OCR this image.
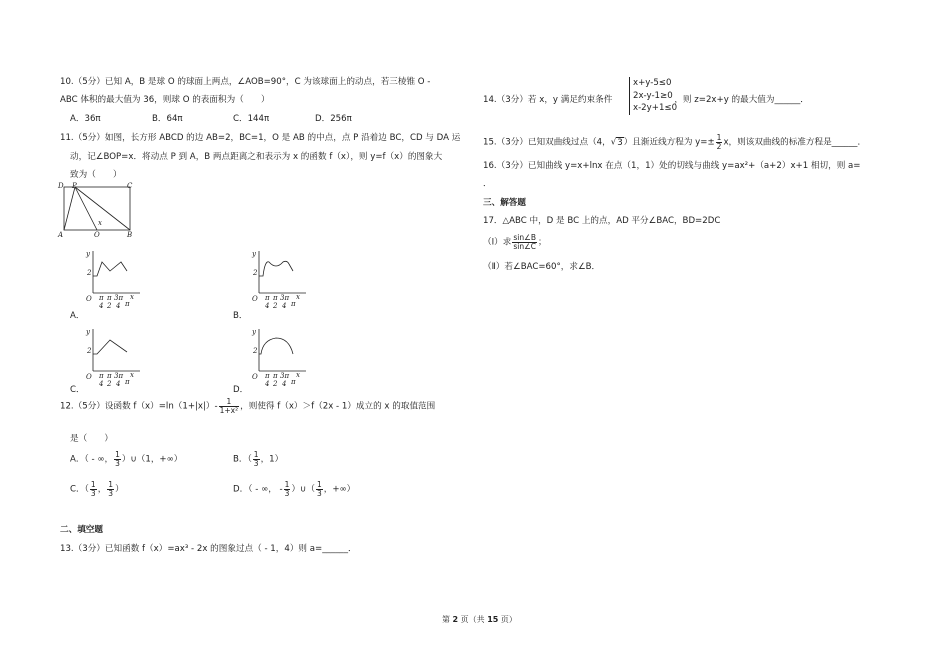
10.（5分）已知 A，B 是球 O 的球面上两点，∠AOB=90°，C 为该球面上的动点，若三棱锥 O -
ABC 体积的最大值为 36，则球 O 的表面积为（　　）
A．36π	B．64π	C．144π	D．256π
11.（5分）如图，长方形 ABCD 的边 AB=2，BC=1，O 是 AB 的中点，点 P 沿着边 BC，CD 与 DA 运
动，记∠BOP=x．将动点 P 到 A，B 两点距离之和表示为 x 的函数 f（x），则 y=f（x）的图象大
致为（　　）
D P	C
A	O	B
x
y
2
O π
4
π
2
3π
4 π
x
A．
y
2
O π
4
π
2
3π
4 π
x
B．
y
2
O π
4
π
2
3π
4 π
x
C．
y
2
O π
4
π
2
3π
4 π
x
D．
12.（5分）设函数 $f(x)=\ln(1+|x|)- \frac{1}{\text{1+x²}}$ ，则使得 f（x）＞f（2x - 1）成立的 x 的取值范围
是（　　）
A．（ - ∞， $\frac{1}{3}$ ）∪（1，+∞）	B．（ $\frac{1}{3}$ ，1）
C．（ $\frac{1}{3}$ ， $\frac{1}{3}$ ）	D．（ - ∞， - $\frac{1}{3}$ ）∪（ $\frac{1}{3}$ ，+∞）
二、填空题
13.（3分）已知函数 f（x）=ax³ - 2x 的图象过点（ - 1，4）则 a=______．
14.（3分）若 x，y 满足约束条件	，则 z=2x+y 的最大值为______．
x+y-5≤0
2x-y-1≥0
x-2y+1≤0
15.（3分）已知双曲线过点（4，√3）且渐近线方程为 $y=\pm \frac{1}{2}$ x，则该双曲线的标准方程是______．
16.（3分）已知曲线 y=x+lnx 在点（1，1）处的切线与曲线 y=ax²+（a+2）x+1 相切，则 a=
．
三、解答题
17．△ABC 中，D 是 BC 上的点，AD 平分∠BAC，BD=2DC
（Ⅰ）求 $\frac{\sin\angle B}{\sin\angle C}$ ；
（Ⅱ）若∠BAC=60°，求∠B．
第 2 页（共 15 页）
